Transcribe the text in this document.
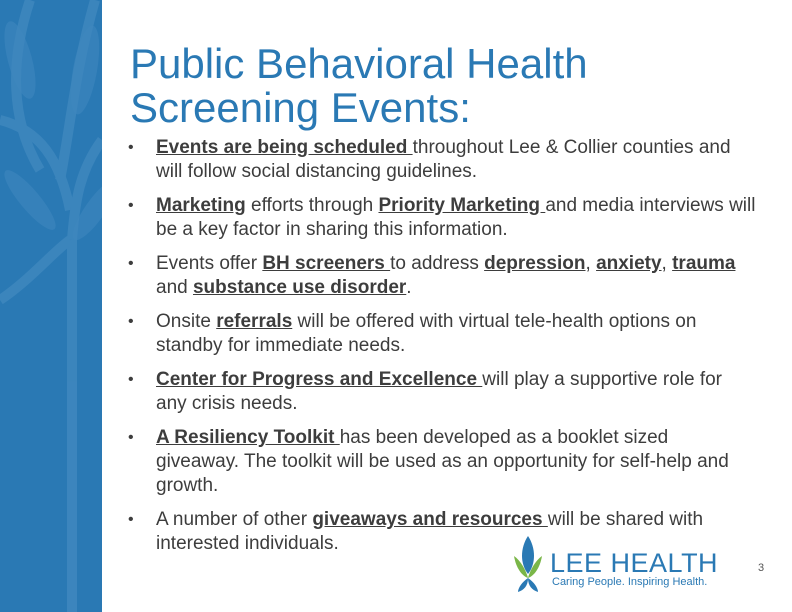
Public Behavioral Health
Screening Events:
• Events are being scheduled throughout Lee & Collier counties and will follow social distancing guidelines.
• Marketing efforts through Priority Marketing and media interviews will be a key factor in sharing this information.
• Events offer BH screeners to address depression, anxiety, trauma and substance use disorder.
• Onsite referrals will be offered with virtual tele-health options on standby for immediate needs.
• Center for Progress and Excellence will play a supportive role for any crisis needs.
• A Resiliency Toolkit has been developed as a booklet sized giveaway. The toolkit will be used as an opportunity for self-help and growth.
• A number of other giveaways and resources will be shared with interested individuals.
LEE HEALTH
Caring People. Inspiring Health.
3
